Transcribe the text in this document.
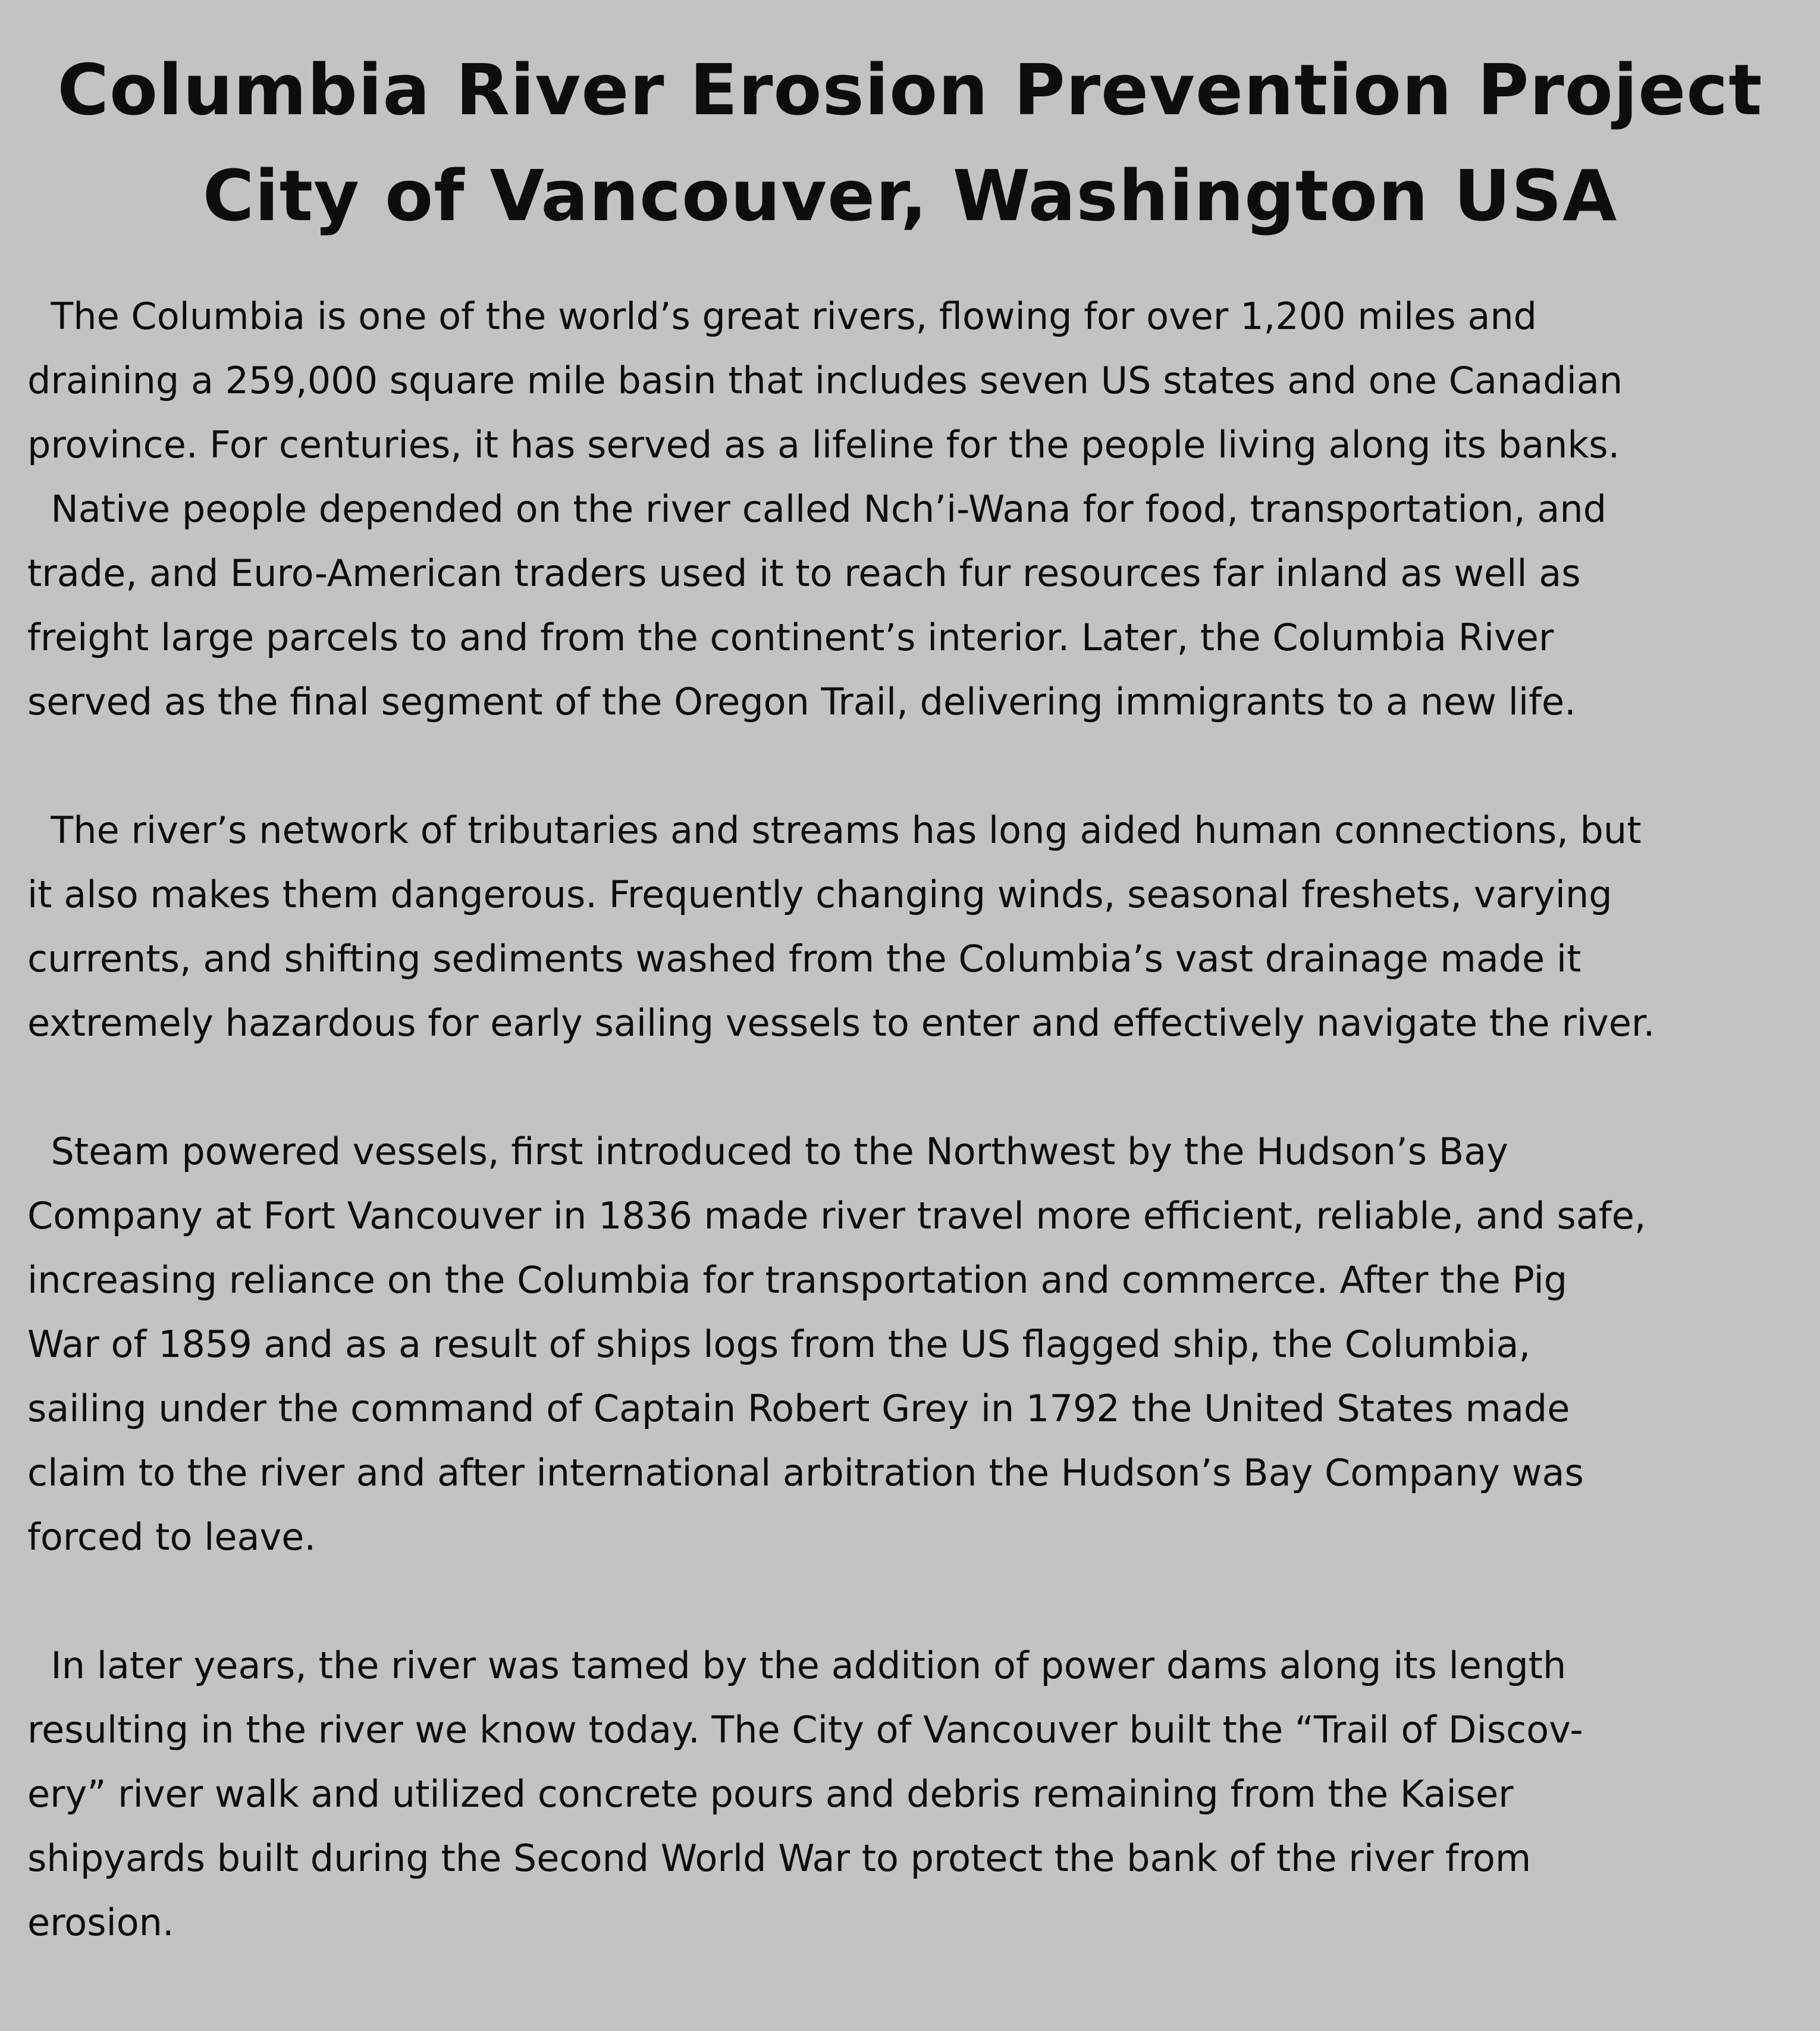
Columbia River Erosion Prevention Project
City of Vancouver, Washington USA
The Columbia is one of the world’s great rivers, flowing for over 1,200 miles and
draining a 259,000 square mile basin that includes seven US states and one Canadian
province. For centuries, it has served as a lifeline for the people living along its banks.
Native people depended on the river called Nch’i-Wana for food, transportation, and
trade, and Euro-American traders used it to reach fur resources far inland as well as
freight large parcels to and from the continent’s interior. Later, the Columbia River
served as the final segment of the Oregon Trail, delivering immigrants to a new life.
The river’s network of tributaries and streams has long aided human connections, but
it also makes them dangerous. Frequently changing winds, seasonal freshets, varying
currents, and shifting sediments washed from the Columbia’s vast drainage made it
extremely hazardous for early sailing vessels to enter and effectively navigate the river.
Steam powered vessels, first introduced to the Northwest by the Hudson’s Bay
Company at Fort Vancouver in 1836 made river travel more efficient, reliable, and safe,
increasing reliance on the Columbia for transportation and commerce. After the Pig
War of 1859 and as a result of ships logs from the US flagged ship, the Columbia,
sailing under the command of Captain Robert Grey in 1792 the United States made
claim to the river and after international arbitration the Hudson’s Bay Company was
forced to leave.
In later years, the river was tamed by the addition of power dams along its length
resulting in the river we know today. The City of Vancouver built the “Trail of Discov-
ery” river walk and utilized concrete pours and debris remaining from the Kaiser
shipyards built during the Second World War to protect the bank of the river from
erosion.
